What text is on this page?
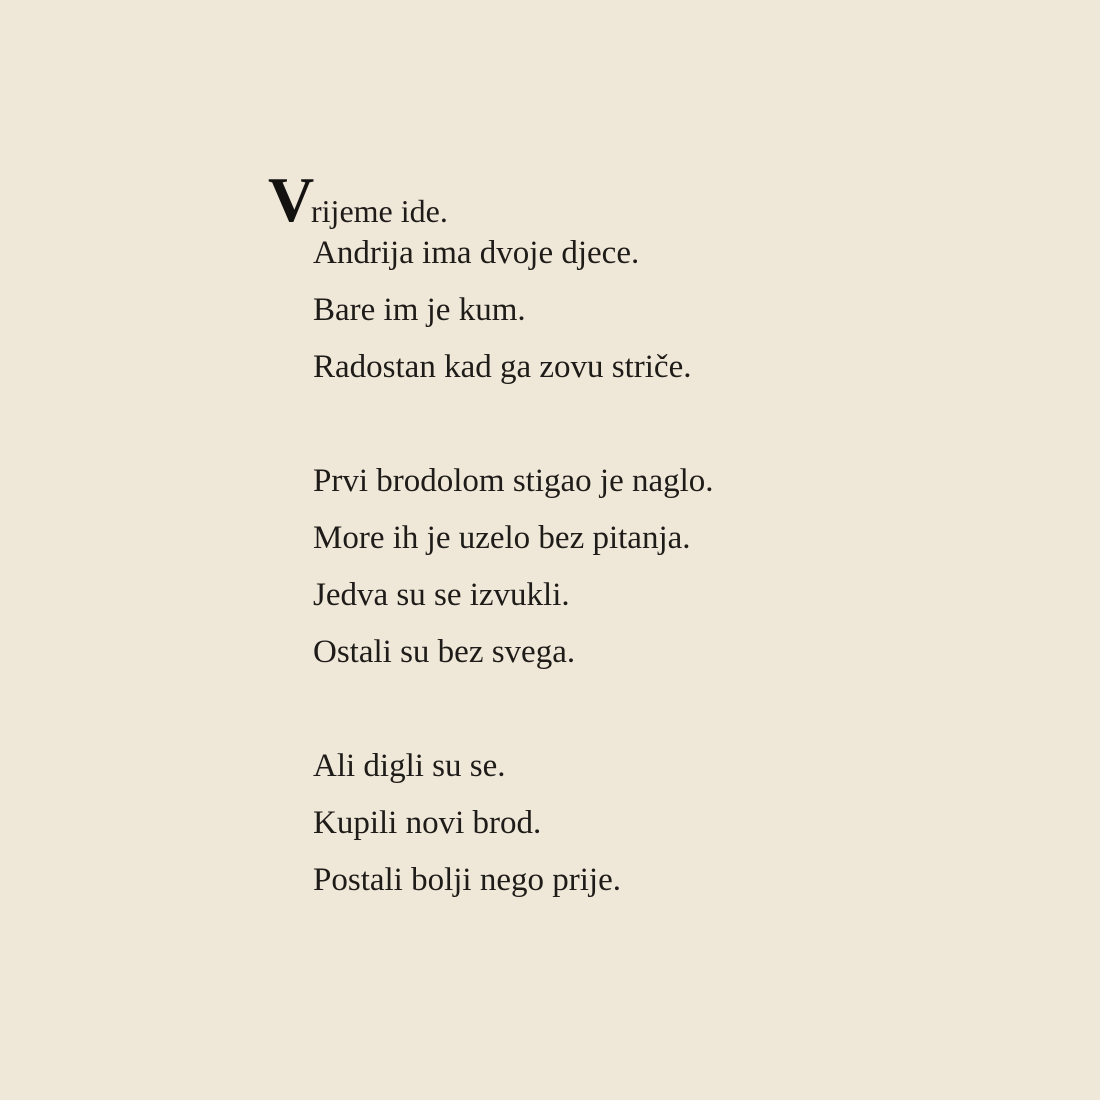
V
rijeme ide.
Andrija ima dvoje djece.
Bare im je kum.
Radostan kad ga zovu striče.
Prvi brodolom stigao je naglo.
More ih je uzelo bez pitanja.
Jedva su se izvukli.
Ostali su bez svega.
Ali digli su se.
Kupili novi brod.
Postali bolji nego prije.
